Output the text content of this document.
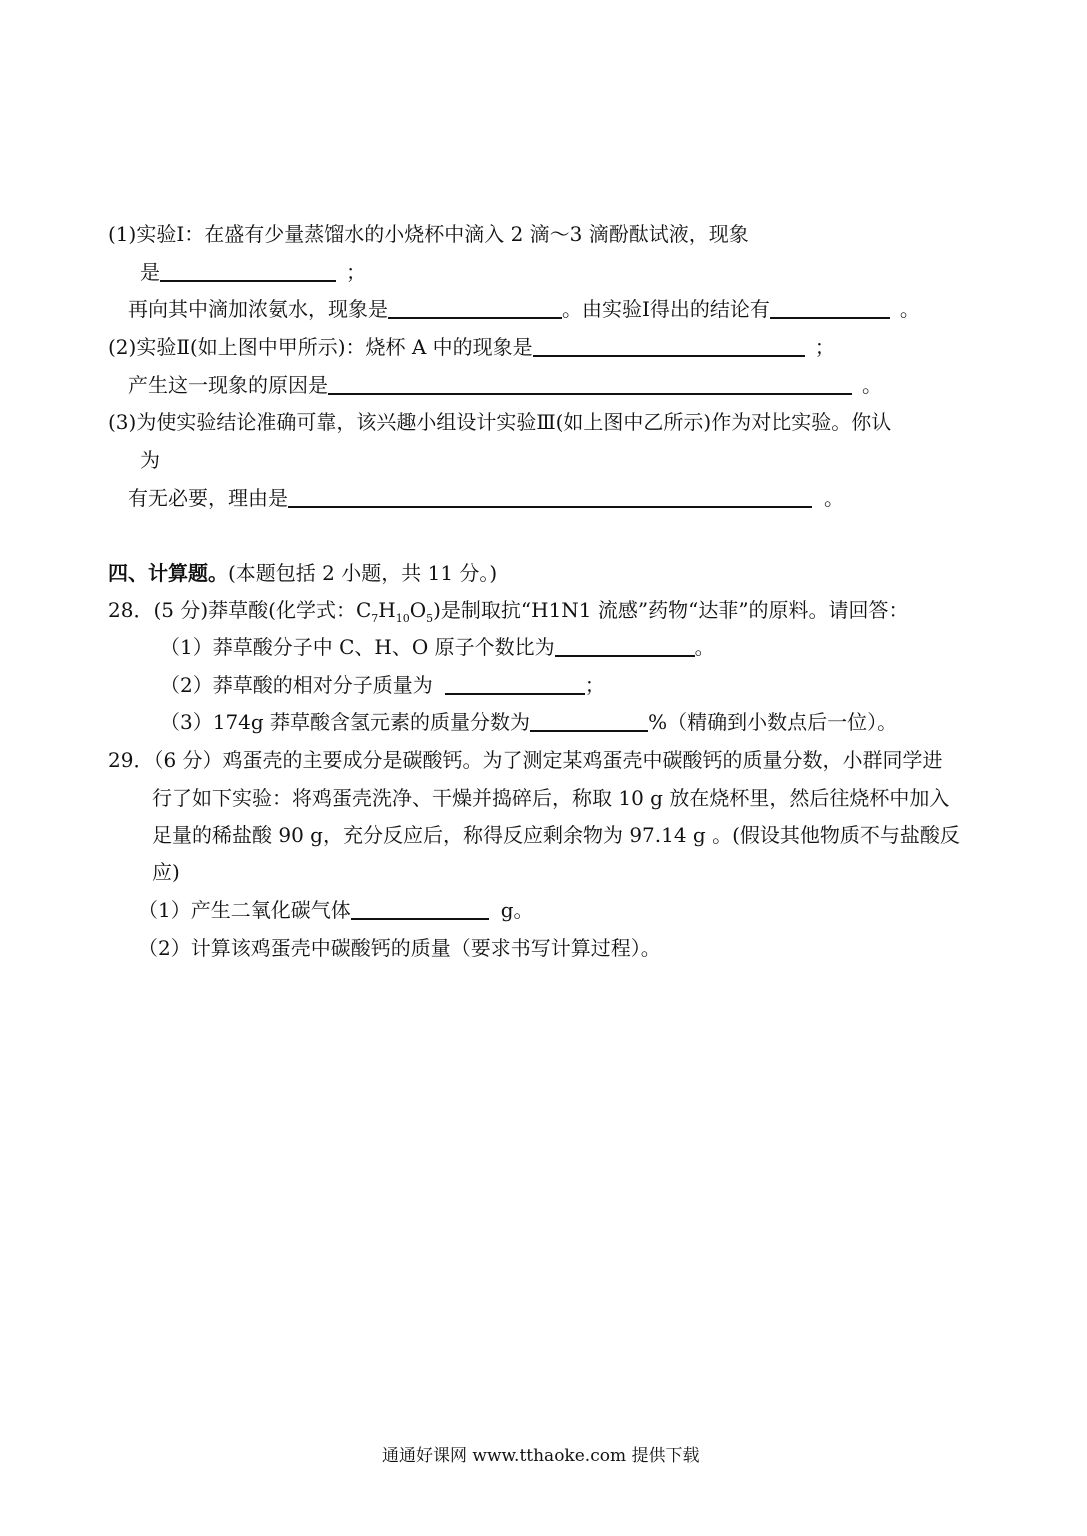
(1)实验Ⅰ：在盛有少量蒸馏水的小烧杯中滴入 2 滴～3 滴酚酞试液，现象
是	；
再向其中滴加浓氨水，现象是	。由实验Ⅰ得出的结论有	。
(2)实验Ⅱ(如上图中甲所示)：烧杯 A 中的现象是	；
产生这一现象的原因是	。
(3)为使实验结论准确可靠，该兴趣小组设计实验Ⅲ(如上图中乙所示)作为对比实验。你认
为
有无必要，理由是	。
四、计算题。(本题包括 2 小题，共 11 分。)
28．(5 分)莽草酸(化学式：$C_7H_{10}O_5$)是制取抗“H1N1 流感”药物“达菲”的原料。请回答：
（1）莽草酸分子中 C、H、O 原子个数比为	。
（2）莽草酸的相对分子质量为	；
（3）174g 莽草酸含氢元素的质量分数为	%（精确到小数点后一位）。
29．（6 分）鸡蛋壳的主要成分是碳酸钙。为了测定某鸡蛋壳中碳酸钙的质量分数，小群同学进
行了如下实验：将鸡蛋壳洗净、干燥并捣碎后，称取 10 g 放在烧杯里，然后往烧杯中加入
足量的稀盐酸 90 g，充分反应后，称得反应剩余物为 97.14 g 。(假设其他物质不与盐酸反
应)
（1）产生二氧化碳气体	g。
（2）计算该鸡蛋壳中碳酸钙的质量（要求书写计算过程）。
通通好课网 www.tthaoke.com 提供下载
